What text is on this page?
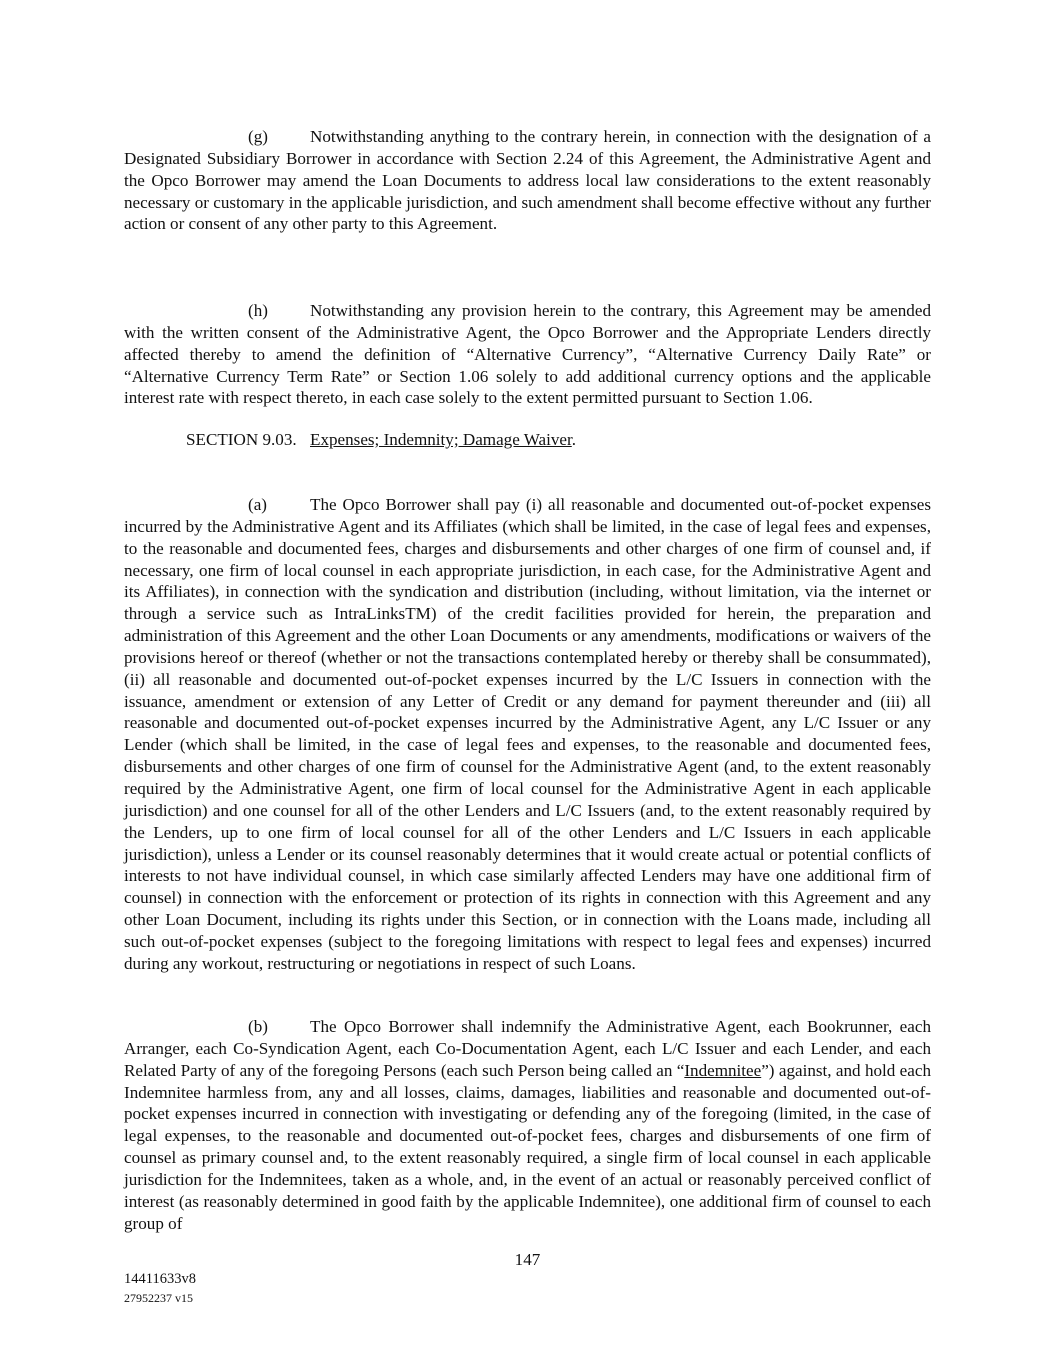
(g) Notwithstanding anything to the contrary herein, in connection with the designation of a Designated Subsidiary Borrower in accordance with Section 2.24 of this Agreement, the Administrative Agent and the Opco Borrower may amend the Loan Documents to address local law considerations to the extent reasonably necessary or customary in the applicable jurisdiction, and such amendment shall become effective without any further action or consent of any other party to this Agreement.

(h) Notwithstanding any provision herein to the contrary, this Agreement may be amended with the written consent of the Administrative Agent, the Opco Borrower and the Appropriate Lenders directly affected thereby to amend the definition of “Alternative Currency”, “Alternative Currency Daily Rate” or “Alternative Currency Term Rate” or Section 1.06 solely to add additional currency options and the applicable interest rate with respect thereto, in each case solely to the extent permitted pursuant to Section 1.06.

SECTION 9.03. Expenses; Indemnity; Damage Waiver.

(a)	The Opco Borrower shall pay (i) all reasonable and documented out-of-pocket expenses incurred by the Administrative Agent and its Affiliates (which shall be limited, in the case of legal fees and expenses, to the reasonable and documented fees, charges and disbursements and other charges of one firm of counsel and, if necessary, one firm of local counsel in each appropriate jurisdiction, in each case, for the Administrative Agent and its Affiliates), in connection with the syndication and distribution (including, without limitation, via the internet or through a service such as IntraLinksTM) of the credit facilities provided for herein, the preparation and administration of this Agreement and the other Loan Documents or any amendments, modifications or waivers of the provisions hereof or thereof (whether or not the transactions contemplated hereby or thereby shall be consummated), (ii) all reasonable and documented out-of-pocket expenses incurred by the L/C Issuers in connection with the issuance, amendment or extension of any Letter of Credit or any demand for payment thereunder and (iii) all reasonable and documented out-of-pocket expenses incurred by the Administrative Agent, any L/C Issuer or any Lender (which shall be limited, in the case of legal fees and expenses, to the reasonable and documented fees, disbursements and other charges of one firm of counsel for the Administrative Agent (and, to the extent reasonably required by the Administrative Agent, one firm of local counsel for the Administrative Agent in each applicable jurisdiction) and one counsel for all of the other Lenders and L/C Issuers (and, to the extent reasonably required by the Lenders, up to one firm of local counsel for all of the other Lenders and L/C Issuers in each applicable jurisdiction), unless a Lender or its counsel reasonably determines that it would create actual or potential conflicts of interests to not have individual counsel, in which case similarly affected Lenders may have one additional firm of counsel) in connection with the enforcement or protection of its rights in connection with this Agreement and any other Loan Document, including its rights under this Section, or in connection with the Loans made, including all such out-of-pocket expenses (subject to the foregoing limitations with respect to legal fees and expenses) incurred during any workout, restructuring or negotiations in respect of such Loans.

(b) The Opco Borrower shall indemnify the Administrative Agent, each Bookrunner, each Arranger, each Co-Syndication Agent, each Co-Documentation Agent, each L/C Issuer and each Lender, and each Related Party of any of the foregoing Persons (each such Person being called an “Indemnitee”) against, and hold each Indemnitee harmless from, any and all losses, claims, damages, liabilities and reasonable and documented out-of-pocket expenses incurred in connection with investigating or defending any of the foregoing (limited, in the case of legal expenses, to the reasonable and documented out-of-pocket fees, charges and disbursements of one firm of counsel as primary counsel and, to the extent reasonably required, a single firm of local counsel in each applicable jurisdiction for the Indemnitees, taken as a whole, and, in the event of an actual or reasonably perceived conflict of interest (as reasonably determined in good faith by the applicable Indemnitee), one additional firm of counsel to each group of

147

14411633v8

27952237 v15
